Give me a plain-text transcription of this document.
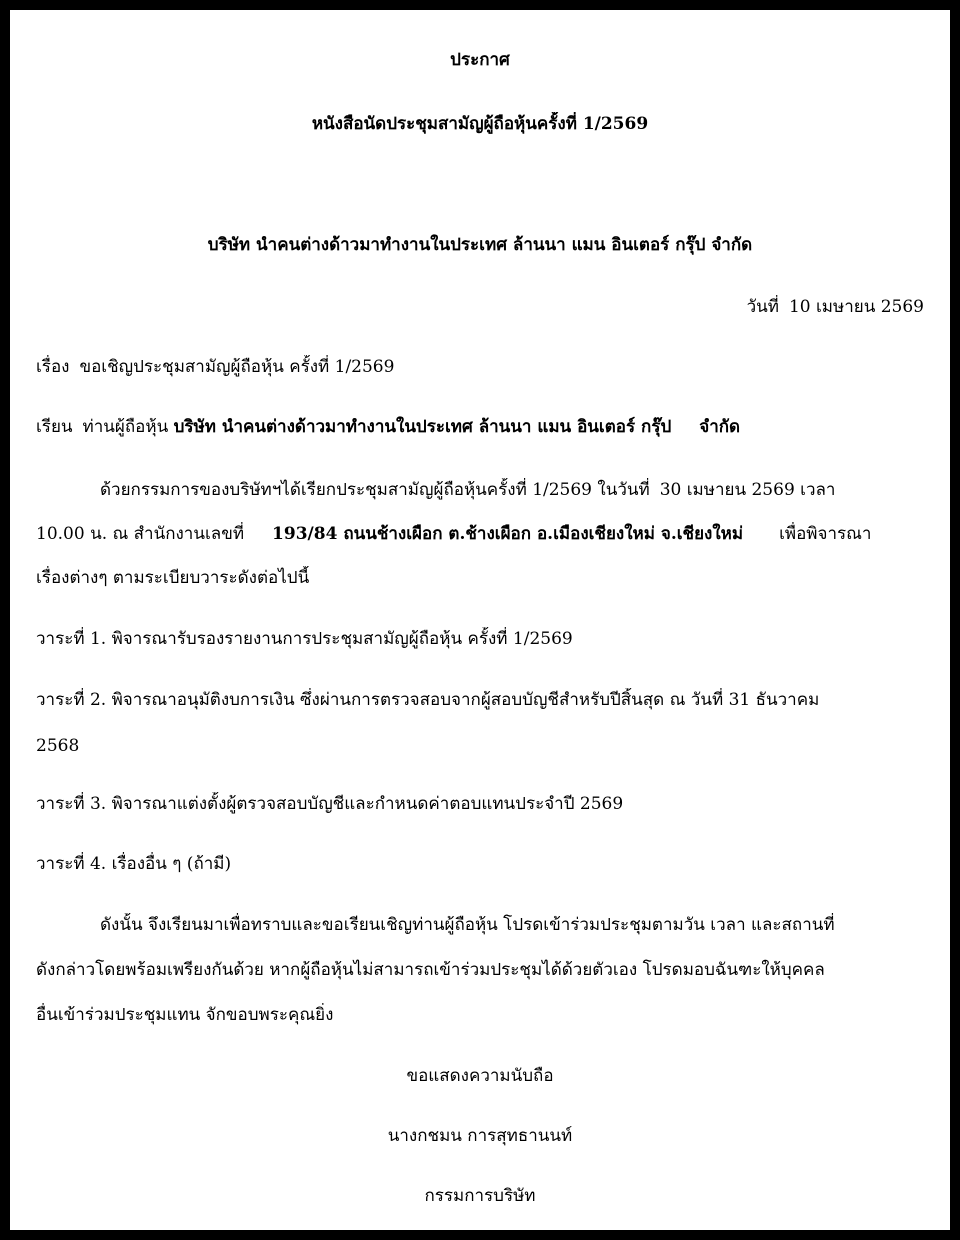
ประกาศ
หนังสือนัดประชุมสามัญผู้ถือหุ้นครั้งที่ 1/2569
บริษัท นำคนต่างด้าวมาทำงานในประเทศ ล้านนา แมน อินเตอร์ กรุ๊ป จำกัด
วันที่ 10 เมษายน 2569
เรื่อง ขอเชิญประชุมสามัญผู้ถือหุ้น ครั้งที่ 1/2569
เรียน ท่านผู้ถือหุ้น บริษัท นำคนต่างด้าวมาทำงานในประเทศ ล้านนา แมน อินเตอร์ กรุ๊ป จำกัด
ด้วยกรรมการของบริษัทฯได้เรียกประชุมสามัญผู้ถือหุ้นครั้งที่ 1/2569 ในวันที่ 30 เมษายน 2569 เวลา
10.00 น. ณ สำนักงานเลขที่ 193/84 ถนนช้างเผือก ต.ช้างเผือก อ.เมืองเชียงใหม่ จ.เชียงใหม่ เพื่อพิจารณา
เรื่องต่างๆ ตามระเบียบวาระดังต่อไปนี้
วาระที่ 1. พิจารณารับรองรายงานการประชุมสามัญผู้ถือหุ้น ครั้งที่ 1/2569
วาระที่ 2. พิจารณาอนุมัติงบการเงิน ซึ่งผ่านการตรวจสอบจากผู้สอบบัญชีสำหรับปีสิ้นสุด ณ วันที่ 31 ธันวาคม
2568
วาระที่ 3. พิจารณาแต่งตั้งผู้ตรวจสอบบัญชีและกำหนดค่าตอบแทนประจำปี 2569
วาระที่ 4. เรื่องอื่น ๆ (ถ้ามี)
ดังนั้น จึงเรียนมาเพื่อทราบและขอเรียนเชิญท่านผู้ถือหุ้น โปรดเข้าร่วมประชุมตามวัน เวลา และสถานที่
ดังกล่าวโดยพร้อมเพรียงกันด้วย หากผู้ถือหุ้นไม่สามารถเข้าร่วมประชุมได้ด้วยตัวเอง โปรดมอบฉันฑะให้บุคคล
อื่นเข้าร่วมประชุมแทน จักขอบพระคุณยิ่ง
ขอแสดงความนับถือ
นางกชมน การสุทธานนท์
กรรมการบริษัท
